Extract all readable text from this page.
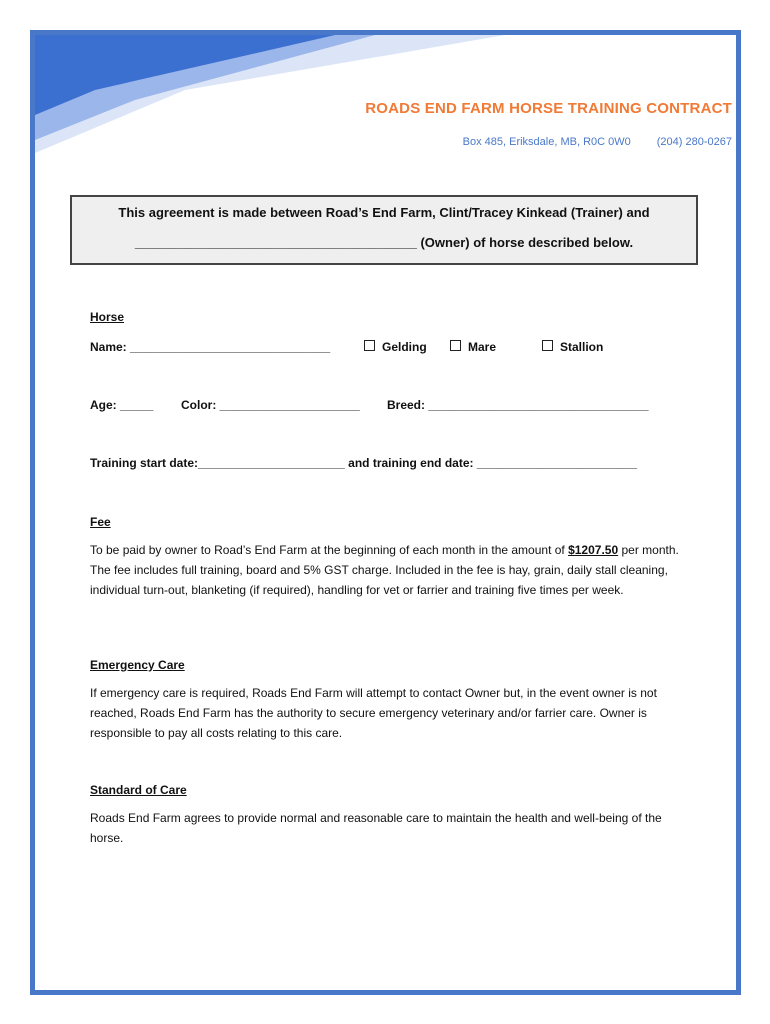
ROADS END FARM HORSE TRAINING CONTRACT
Box 485, Eriksdale, MB, R0C 0W0 (204) 280-0267
This agreement is made between Road’s End Farm, Clint/Tracey Kinkead (Trainer) and
_______________________________________ (Owner) of horse described below.
Horse
Name: ______________________________	Gelding	Mare	Stallion
Age: _____ Color: _____________________ Breed: _________________________________
Training start date:______________________ and training end date: ________________________
Fee
To be paid by owner to Road’s End Farm at the beginning of each month in the amount of $1207.50 per month. The fee includes full training, board and 5% GST charge. Included in the fee is hay, grain, daily stall cleaning, individual turn-out, blanketing (if required), handling for vet or farrier and training five times per week.
Emergency Care
If emergency care is required, Roads End Farm will attempt to contact Owner but, in the event owner is not reached, Roads End Farm has the authority to secure emergency veterinary and/or farrier care. Owner is responsible to pay all costs relating to this care.
Standard of Care
Roads End Farm agrees to provide normal and reasonable care to maintain the health and well-being of the horse.
